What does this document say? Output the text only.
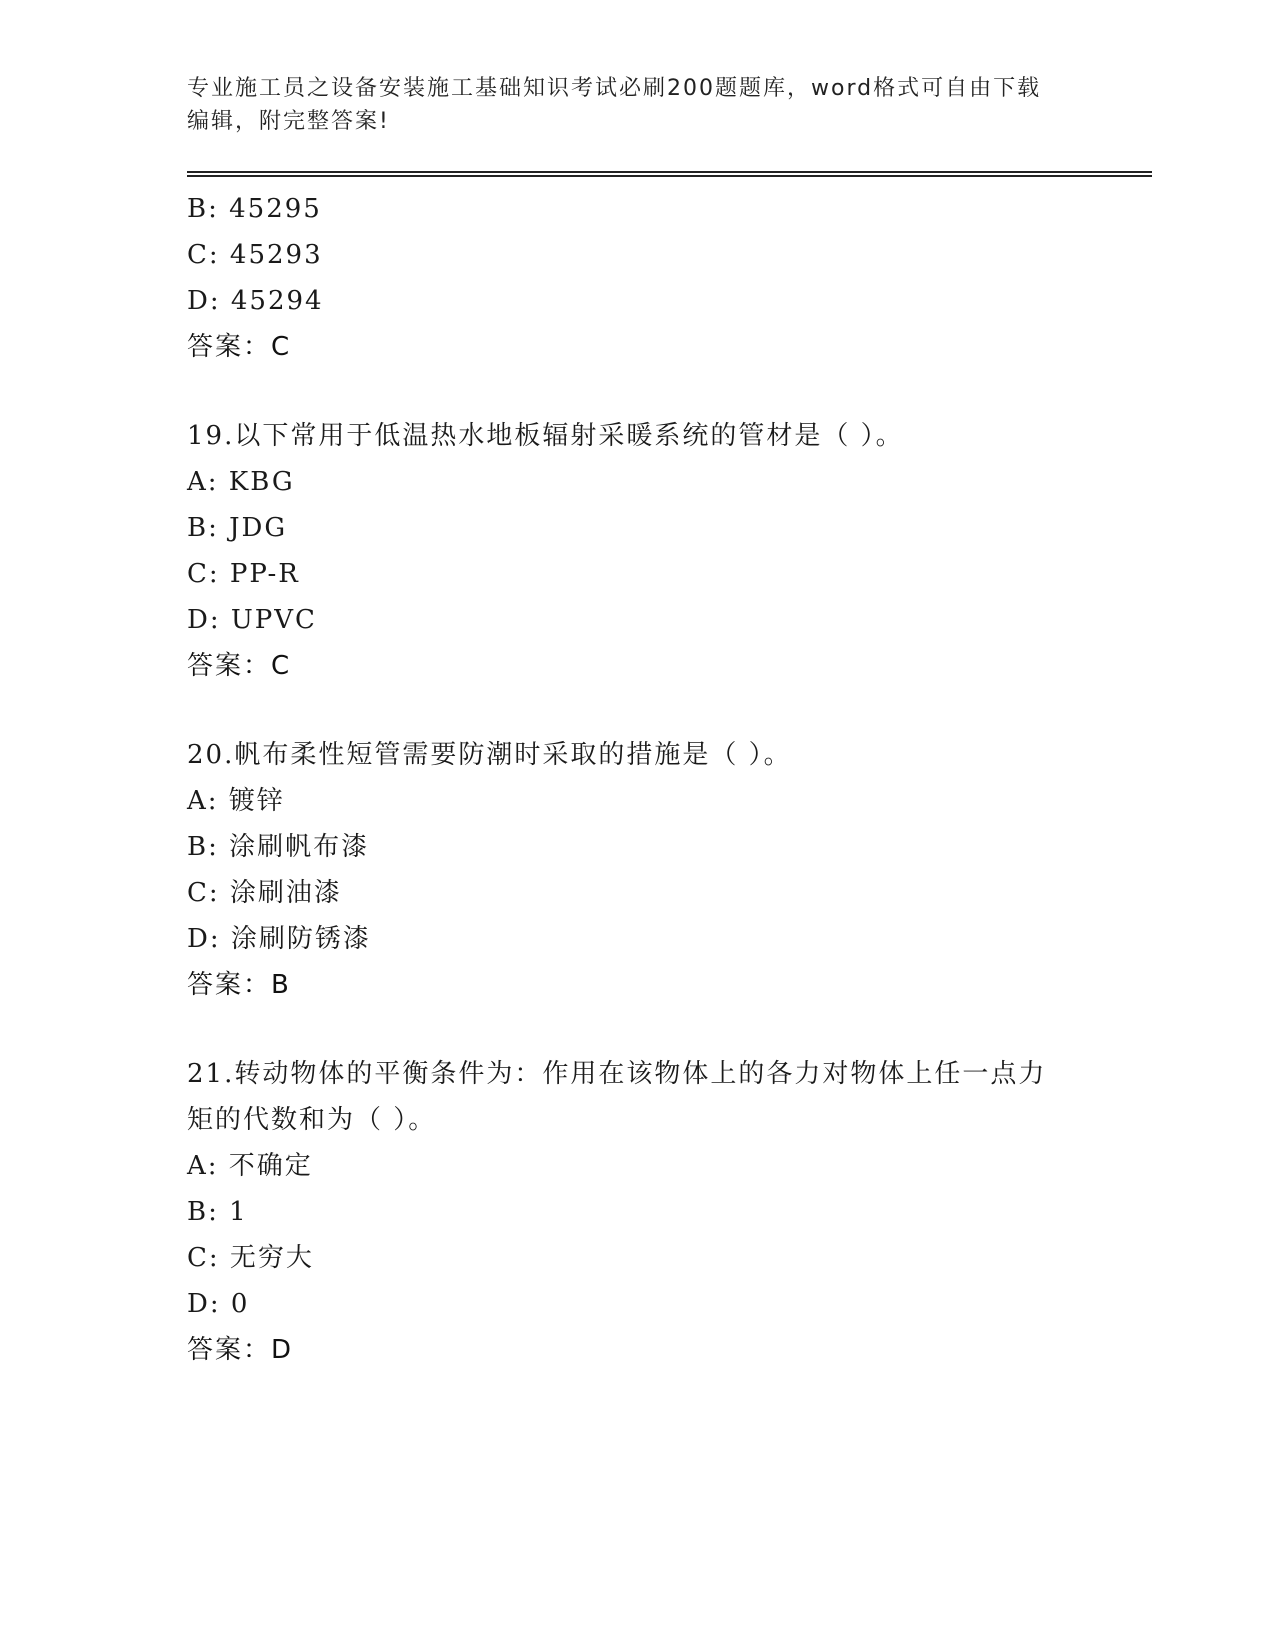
专业施工员之设备安装施工基础知识考试必刷200题题库，word格式可自由下载
编辑，附完整答案!
B: 45295
C: 45293
D: 45294
答案：C
19.以下常用于低温热水地板辐射采暖系统的管材是（ ）。
A: KBG
B: JDG
C: PP-R
D: UPVC
答案：C
20.帆布柔性短管需要防潮时采取的措施是（ ）。
A: 镀锌
B: 涂刷帆布漆
C: 涂刷油漆
D: 涂刷防锈漆
答案：B
21.转动物体的平衡条件为：作用在该物体上的各力对物体上任一点力
矩的代数和为（ ）。
A: 不确定
B: 1
C: 无穷大
D: 0
答案：D
